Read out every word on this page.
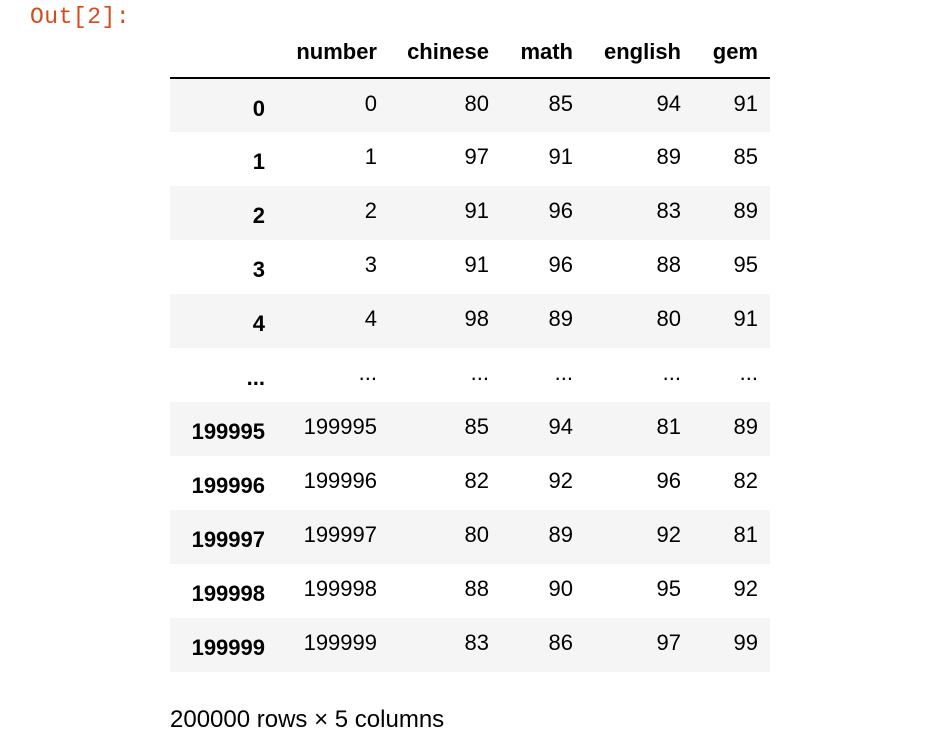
Out[2]:
	number	chinese	math	english	gem
0	0	80	85	94	91
1	1	97	91	89	85
2	2	91	96	83	89
3	3	91	96	88	95
4	4	98	89	80	91
...	...	...	...	...	...
199995	199995	85	94	81	89
199996	199996	82	92	96	82
199997	199997	80	89	92	81
199998	199998	88	90	95	92
199999	199999	83	86	97	99
200000 rows × 5 columns
